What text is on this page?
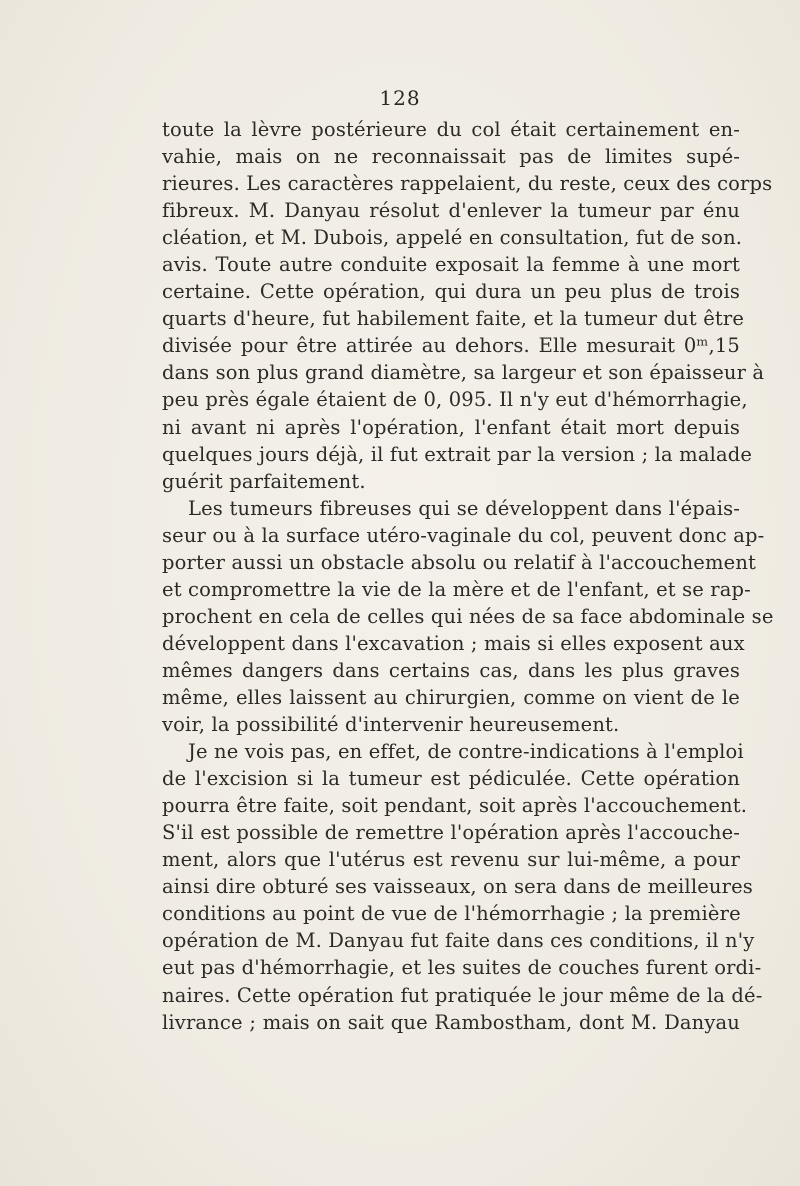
128
toute la lèvre postérieure du col était certainement en-
vahie, mais on ne reconnaissait pas de limites supé-
rieures. Les caractères rappelaient, du reste, ceux des corps
fibreux. M. Danyau résolut d'enlever la tumeur par énu
cléation, et M. Dubois, appelé en consultation, fut de son.
avis. Toute autre conduite exposait la femme à une mort
certaine. Cette opération, qui dura un peu plus de trois
quarts d'heure, fut habilement faite, et la tumeur dut être
divisée pour être attirée au dehors. Elle mesurait 0ᵐ,15
dans son plus grand diamètre, sa largeur et son épaisseur à
peu près égale étaient de 0, 095. Il n'y eut d'hémorrhagie,
ni avant ni après l'opération, l'enfant était mort depuis
quelques jours déjà, il fut extrait par la version ; la malade
guérit parfaitement.
Les tumeurs fibreuses qui se développent dans l'épais-
seur ou à la surface utéro-vaginale du col, peuvent donc ap-
porter aussi un obstacle absolu ou relatif à l'accouchement
et compromettre la vie de la mère et de l'enfant, et se rap-
prochent en cela de celles qui nées de sa face abdominale se
développent dans l'excavation ; mais si elles exposent aux
mêmes dangers dans certains cas, dans les plus graves
même, elles laissent au chirurgien, comme on vient de le
voir, la possibilité d'intervenir heureusement.
Je ne vois pas, en effet, de contre-indications à l'emploi
de l'excision si la tumeur est pédiculée. Cette opération
pourra être faite, soit pendant, soit après l'accouchement.
S'il est possible de remettre l'opération après l'accouche-
ment, alors que l'utérus est revenu sur lui-même, a pour
ainsi dire obturé ses vaisseaux, on sera dans de meilleures
conditions au point de vue de l'hémorrhagie ; la première
opération de M. Danyau fut faite dans ces conditions, il n'y
eut pas d'hémorrhagie, et les suites de couches furent ordi-
naires. Cette opération fut pratiquée le jour même de la dé-
livrance ; mais on sait que Rambostham, dont M. Danyau
